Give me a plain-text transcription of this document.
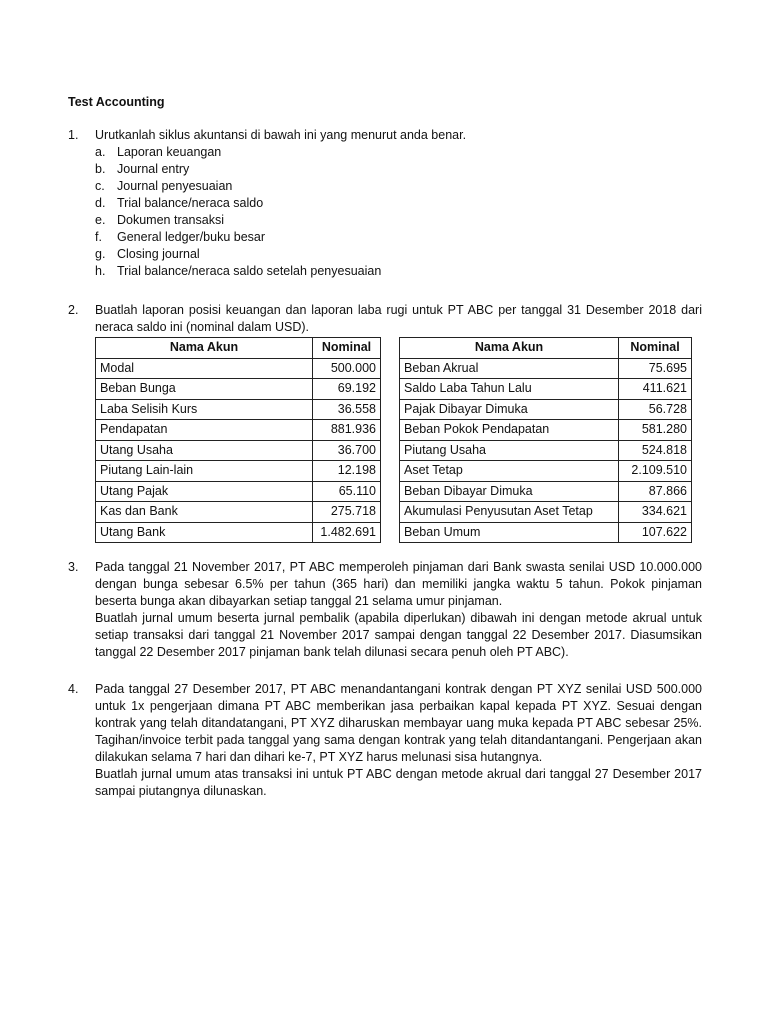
Test Accounting
1. Urutkanlah siklus akuntansi di bawah ini yang menurut anda benar.
a. Laporan keuangan
b. Journal entry
c. Journal penyesuaian
d. Trial balance/neraca saldo
e. Dokumen transaksi
f. General ledger/buku besar
g. Closing journal
h. Trial balance/neraca saldo setelah penyesuaian
2. Buatlah laporan posisi keuangan dan laporan laba rugi untuk PT ABC per tanggal 31 Desember 2018 dari neraca saldo ini (nominal dalam USD).
Nama Akun	Nominal
Modal	500.000
Beban Bunga	69.192
Laba Selisih Kurs	36.558
Pendapatan	881.936
Utang Usaha	36.700
Piutang Lain-lain	12.198
Utang Pajak	65.110
Kas dan Bank	275.718
Utang Bank	1.482.691
Nama Akun	Nominal
Beban Akrual	75.695
Saldo Laba Tahun Lalu	411.621
Pajak Dibayar Dimuka	56.728
Beban Pokok Pendapatan	581.280
Piutang Usaha	524.818
Aset Tetap	2.109.510
Beban Dibayar Dimuka	87.866
Akumulasi Penyusutan Aset Tetap	334.621
Beban Umum	107.622
3. Pada tanggal 21 November 2017, PT ABC memperoleh pinjaman dari Bank swasta senilai USD 10.000.000 dengan bunga sebesar 6.5% per tahun (365 hari) dan memiliki jangka waktu 5 tahun. Pokok pinjaman beserta bunga akan dibayarkan setiap tanggal 21 selama umur pinjaman.
Buatlah jurnal umum beserta jurnal pembalik (apabila diperlukan) dibawah ini dengan metode akrual untuk setiap transaksi dari tanggal 21 November 2017 sampai dengan tanggal 22 Desember 2017. Diasumsikan tanggal 22 Desember 2017 pinjaman bank telah dilunasi secara penuh oleh PT ABC).
4. Pada tanggal 27 Desember 2017, PT ABC menandantangani kontrak dengan PT XYZ senilai USD 500.000 untuk 1x pengerjaan dimana PT ABC memberikan jasa perbaikan kapal kepada PT XYZ. Sesuai dengan kontrak yang telah ditandatangani, PT XYZ diharuskan membayar uang muka kepada PT ABC sebesar 25%. Tagihan/invoice terbit pada tanggal yang sama dengan kontrak yang telah ditandantangani. Pengerjaan akan dilakukan selama 7 hari dan dihari ke-7, PT XYZ harus melunasi sisa hutangnya.
Buatlah jurnal umum atas transaksi ini untuk PT ABC dengan metode akrual dari tanggal 27 Desember 2017 sampai piutangnya dilunaskan.
